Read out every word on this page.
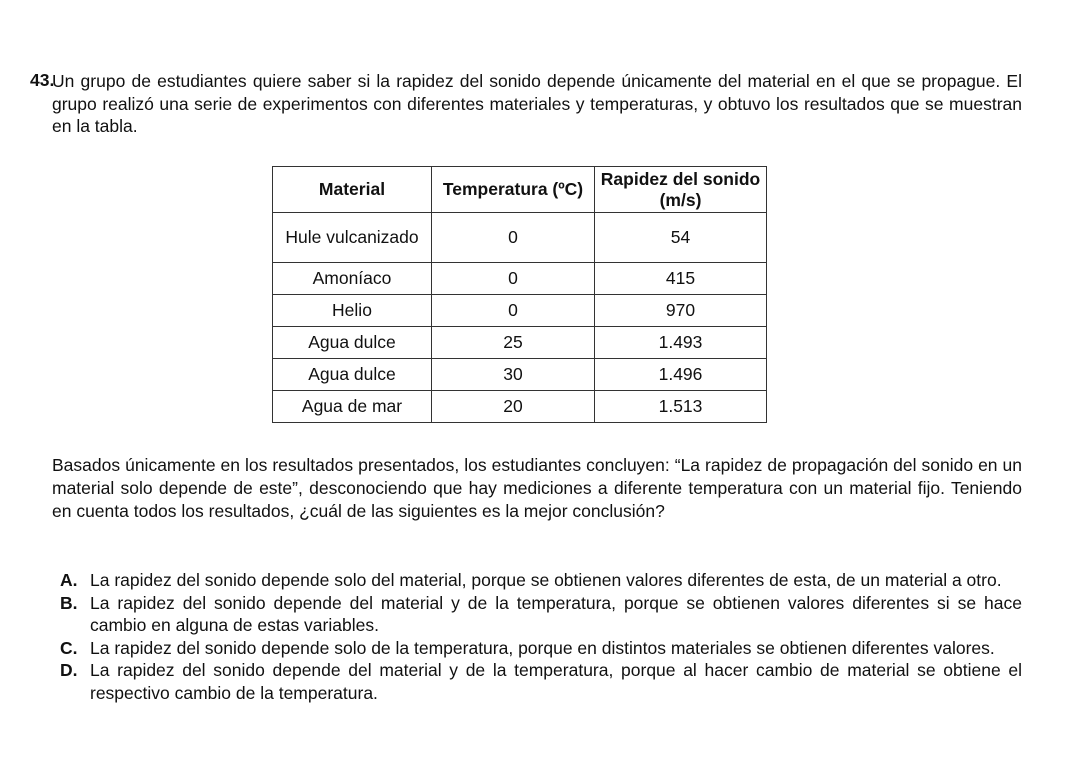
43.
Un grupo de estudiantes quiere saber si la rapidez del sonido depende únicamente del material en el que se propague. El grupo realizó una serie de experimentos con diferentes materiales y temperaturas, y obtuvo los resultados que se muestran en la tabla.
Material	Temperatura (ºC)	Rapidez del sonido (m/s)
Hule vulcanizado	0	54
Amoníaco	0	415
Helio	0	970
Agua dulce	25	1.493
Agua dulce	30	1.496
Agua de mar	20	1.513
Basados únicamente en los resultados presentados, los estudiantes concluyen: “La rapidez de propagación del sonido en un material solo depende de este”, desconociendo que hay mediciones a diferente temperatura con un material fijo. Teniendo en cuenta todos los resultados, ¿cuál de las siguientes es la mejor conclusión?
A. La rapidez del sonido depende solo del material, porque se obtienen valores diferentes de esta, de un material a otro.
B. La rapidez del sonido depende del material y de la temperatura, porque se obtienen valores diferentes si se hace cambio en alguna de estas variables.
C. La rapidez del sonido depende solo de la temperatura, porque en distintos materiales se obtienen diferentes valores.
D. La rapidez del sonido depende del material y de la temperatura, porque al hacer cambio de material se obtiene el respectivo cambio de la temperatura.
